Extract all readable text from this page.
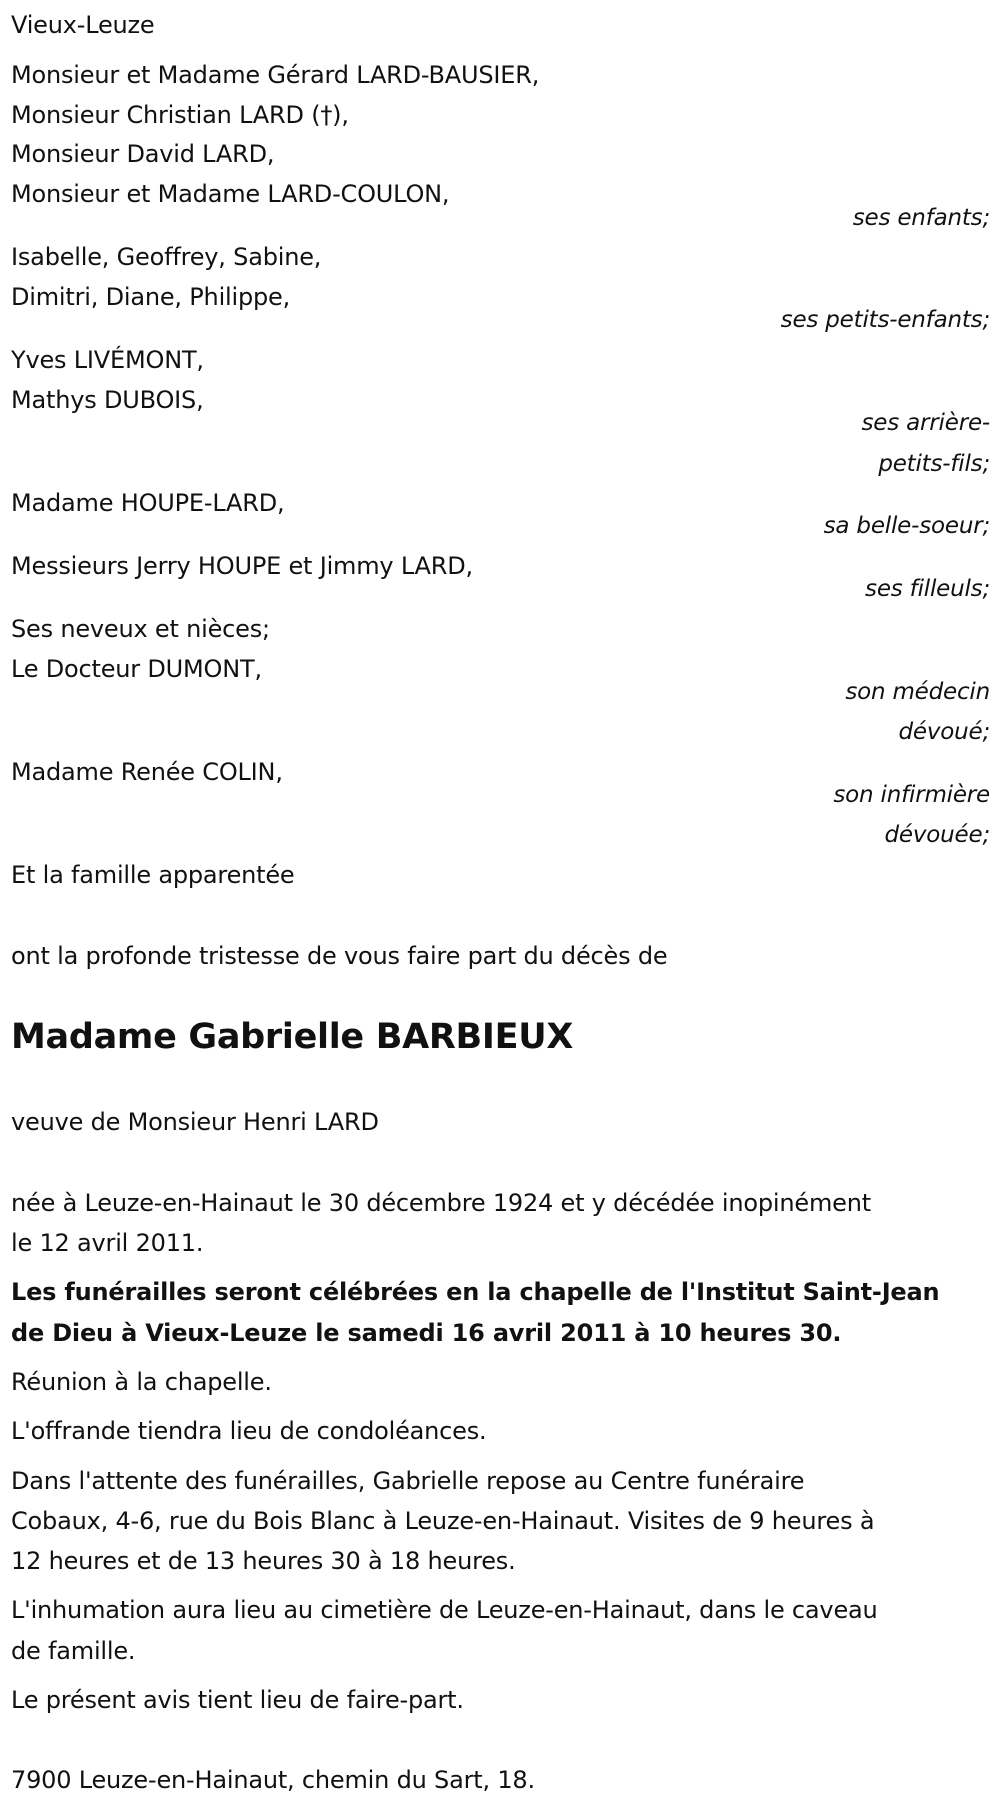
Vieux-Leuze
Monsieur et Madame Gérard LARD-BAUSIER,
Monsieur Christian LARD (†),
Monsieur David LARD,
Monsieur et Madame LARD-COULON,
ses enfants;
Isabelle, Geoffrey, Sabine,
Dimitri, Diane, Philippe,
ses petits-enfants;
Yves LIVÉMONT,
Mathys DUBOIS,
ses arrière-
petits-fils;
Madame HOUPE-LARD,
sa belle-soeur;
Messieurs Jerry HOUPE et Jimmy LARD,
ses filleuls;
Ses neveux et nièces;
Le Docteur DUMONT,
son médecin
dévoué;
Madame Renée COLIN,
son infirmière
dévouée;
Et la famille apparentée
ont la profonde tristesse de vous faire part du décès de
Madame Gabrielle BARBIEUX
veuve de Monsieur Henri LARD
née à Leuze-en-Hainaut le 30 décembre 1924 et y décédée inopinément
le 12 avril 2011.
Les funérailles seront célébrées en la chapelle de l'Institut Saint-Jean
de Dieu à Vieux-Leuze le samedi 16 avril 2011 à 10 heures 30.
Réunion à la chapelle.
L'offrande tiendra lieu de condoléances.
Dans l'attente des funérailles, Gabrielle repose au Centre funéraire
Cobaux, 4-6, rue du Bois Blanc à Leuze-en-Hainaut. Visites de 9 heures à
12 heures et de 13 heures 30 à 18 heures.
L'inhumation aura lieu au cimetière de Leuze-en-Hainaut, dans le caveau
de famille.
Le présent avis tient lieu de faire-part.
7900 Leuze-en-Hainaut, chemin du Sart, 18.
